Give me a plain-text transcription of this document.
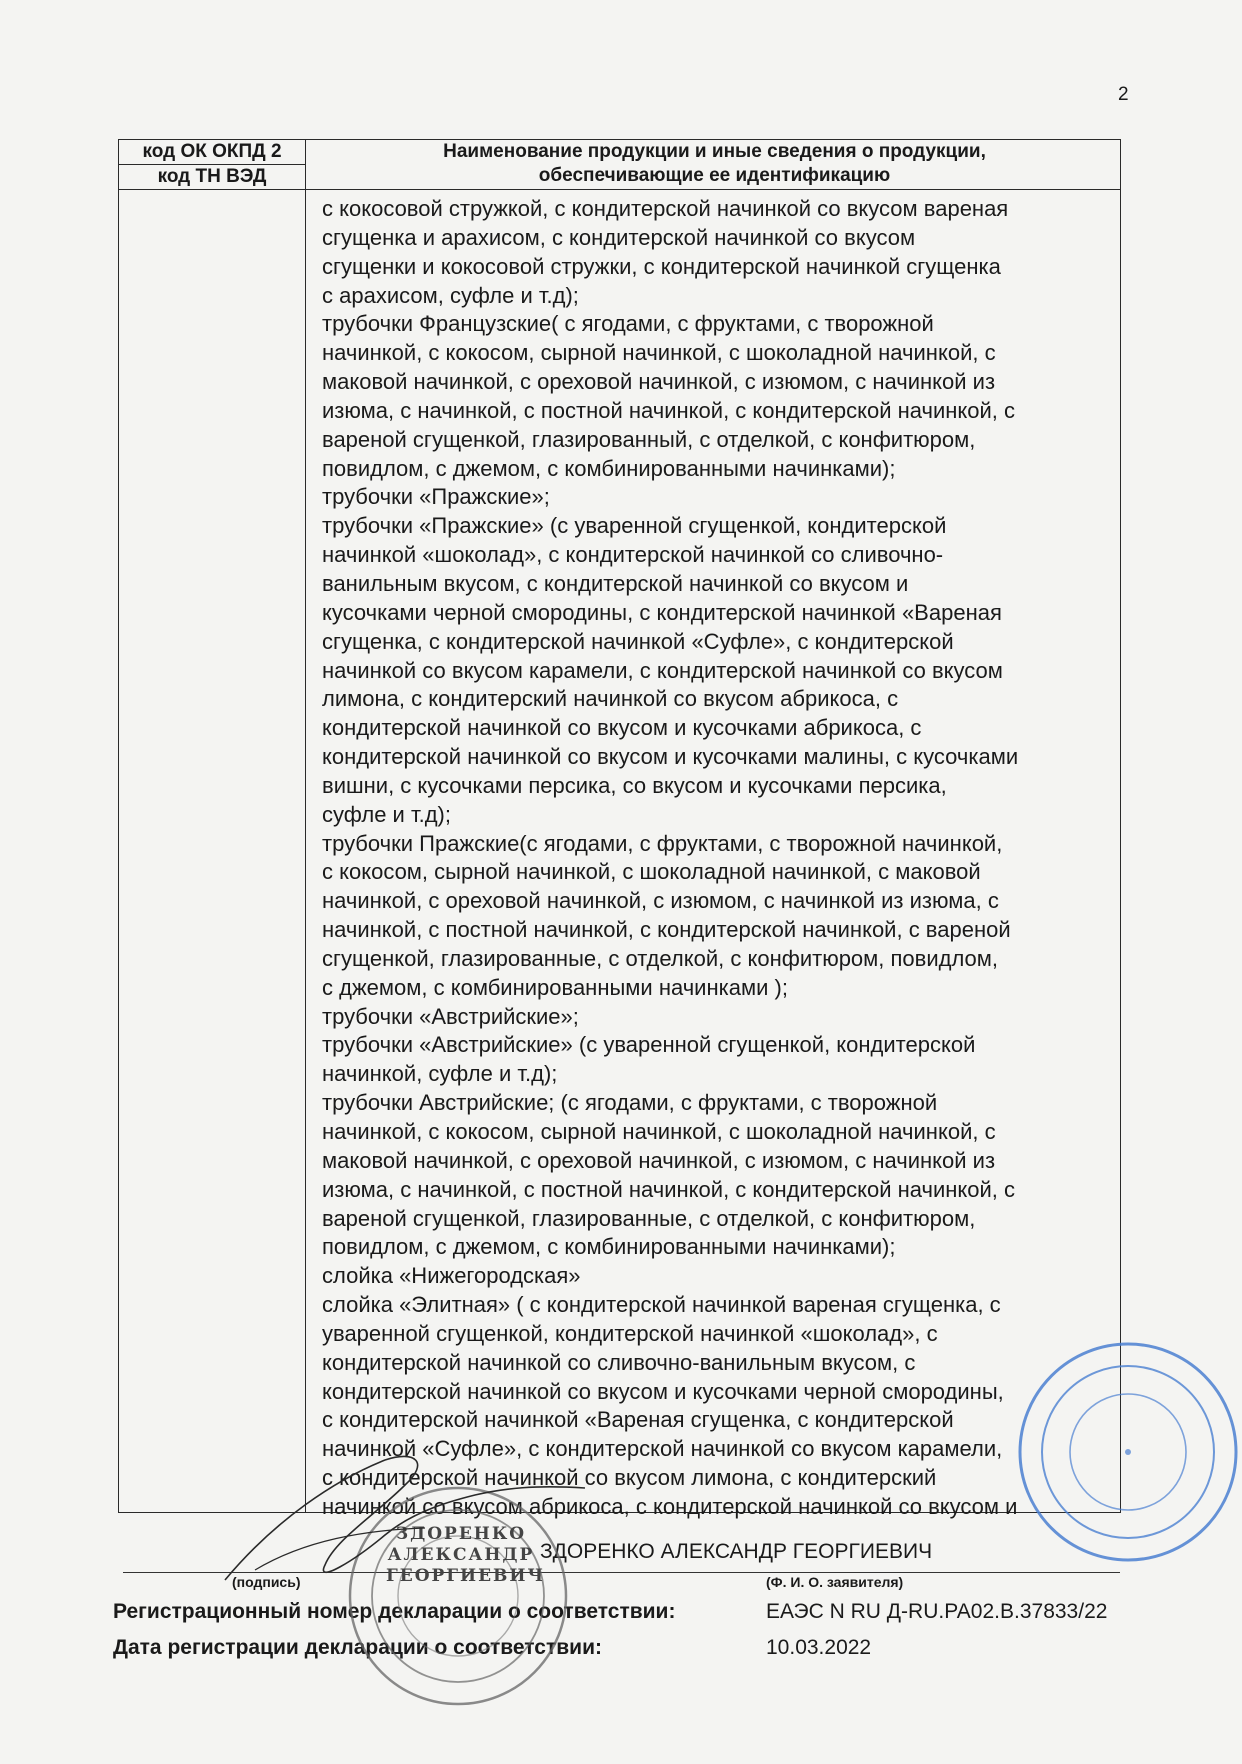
2
код ОК ОКПД 2
код ТН ВЭД
Наименование продукции и иные сведения о продукции,
обеспечивающие ее идентификацию
с кокосовой стружкой, с кондитерской начинкой со вкусом вареная
сгущенка и арахисом, с кондитерской начинкой со вкусом
сгущенки и кокосовой стружки, с кондитерской начинкой сгущенка
с арахисом, суфле и т.д);
трубочки Французские( с ягодами, с фруктами, с творожной
начинкой, с кокосом, сырной начинкой, с шоколадной начинкой, с
маковой начинкой, с ореховой начинкой, с изюмом, с начинкой из
изюма, с начинкой, с постной начинкой, с кондитерской начинкой, с
вареной сгущенкой, глазированный, с отделкой, с конфитюром,
повидлом, с джемом, с комбинированными начинками);
трубочки «Пражские»;
трубочки «Пражские» (с уваренной сгущенкой, кондитерской
начинкой «шоколад», с кондитерской начинкой со сливочно-
ванильным вкусом, с кондитерской начинкой со вкусом и
кусочками черной смородины, с кондитерской начинкой «Вареная
сгущенка, с кондитерской начинкой «Суфле», с кондитерской
начинкой со вкусом карамели, с кондитерской начинкой со вкусом
лимона, с кондитерский начинкой со вкусом абрикоса, с
кондитерской начинкой со вкусом и кусочками абрикоса, с
кондитерской начинкой со вкусом и кусочками малины, с кусочками
вишни, с кусочками персика, со вкусом и кусочками персика,
суфле и т.д);
трубочки Пражские(с ягодами, с фруктами, с творожной начинкой,
с кокосом, сырной начинкой, с шоколадной начинкой, с маковой
начинкой, с ореховой начинкой, с изюмом, с начинкой из изюма, с
начинкой, с постной начинкой, с кондитерской начинкой, с вареной
сгущенкой, глазированные, с отделкой, с конфитюром, повидлом,
с джемом, с комбинированными начинками );
трубочки «Австрийские»;
трубочки «Австрийские» (с уваренной сгущенкой, кондитерской
начинкой, суфле и т.д);
трубочки Австрийские; (с ягодами, с фруктами, с творожной
начинкой, с кокосом, сырной начинкой, с шоколадной начинкой, с
маковой начинкой, с ореховой начинкой, с изюмом, с начинкой из
изюма, с начинкой, с постной начинкой, с кондитерской начинкой, с
вареной сгущенкой, глазированные, с отделкой, с конфитюром,
повидлом, с джемом, с комбинированными начинками);
слойка «Нижегородская»
слойка «Элитная» ( с кондитерской начинкой вареная сгущенка, с
уваренной сгущенкой, кондитерской начинкой «шоколад», с
кондитерской начинкой со сливочно-ванильным вкусом, с
кондитерской начинкой со вкусом и кусочками черной смородины,
с кондитерской начинкой «Вареная сгущенка, с кондитерской
начинкой «Суфле», с кондитерской начинкой со вкусом карамели,
с кондитерской начинкой со вкусом лимона, с кондитерский
начинкой со вкусом абрикоса, с кондитерской начинкой со вкусом и
ЗДОРЕНКО АЛЕКСАНДР ГЕОРГИЕВИЧ
(подпись)	(Ф. И. О. заявителя)
Регистрационный номер декларации о соответствии:	ЕАЭС N RU Д-RU.РА02.В.37833/22
Дата регистрации декларации о соответствии:	10.03.2022
ЗДОРЕНКО
АЛЕКСАНДР
ГЕОРГИЕВИЧ
